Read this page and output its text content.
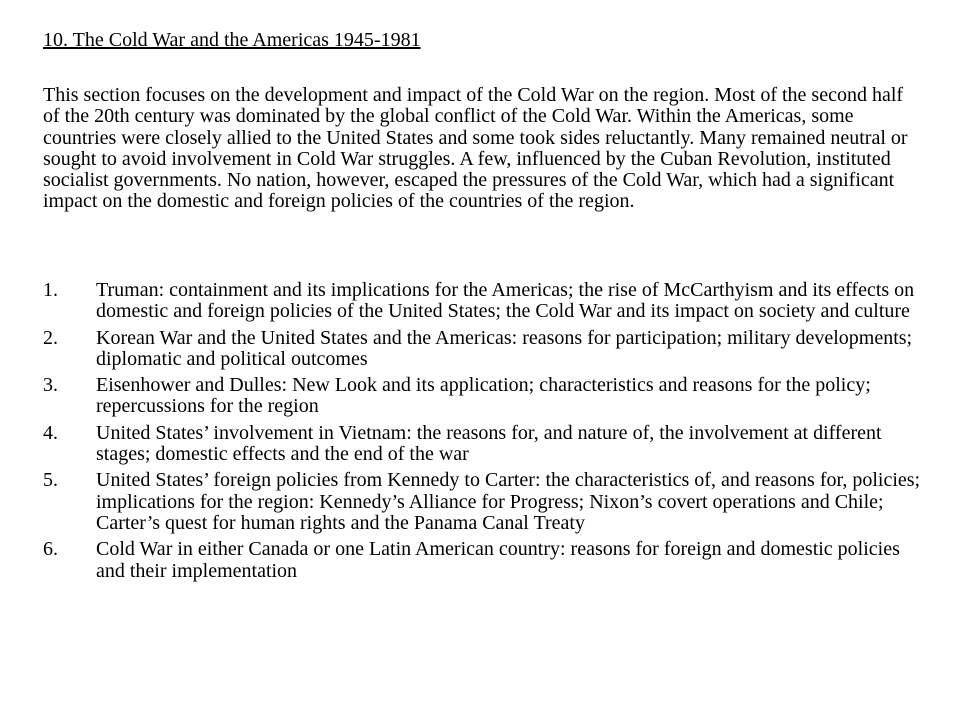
10. The Cold War and the Americas 1945-1981

This section focuses on the development and impact of the Cold War on the region. Most of the second half of the 20th century was dominated by the global conflict of the Cold War. Within the Americas, some countries were closely allied to the United States and some took sides reluctantly. Many remained neutral or sought to avoid involvement in Cold War struggles. A few, influenced by the Cuban Revolution, instituted socialist governments. No nation, however, escaped the pressures of the Cold War, which had a significant impact on the domestic and foreign policies of the countries of the region.

1. Truman: containment and its implications for the Americas; the rise of McCarthyism and its effects on domestic and foreign policies of the United States; the Cold War and its impact on society and culture
2. Korean War and the United States and the Americas: reasons for participation; military developments; diplomatic and political outcomes
3. Eisenhower and Dulles: New Look and its application; characteristics and reasons for the policy; repercussions for the region
4. United States’ involvement in Vietnam: the reasons for, and nature of, the involvement at different stages; domestic effects and the end of the war
5. United States’ foreign policies from Kennedy to Carter: the characteristics of, and reasons for, policies; implications for the region: Kennedy’s Alliance for Progress; Nixon’s covert operations and Chile; Carter’s quest for human rights and the Panama Canal Treaty
6. Cold War in either Canada or one Latin American country: reasons for foreign and domestic policies and their implementation
